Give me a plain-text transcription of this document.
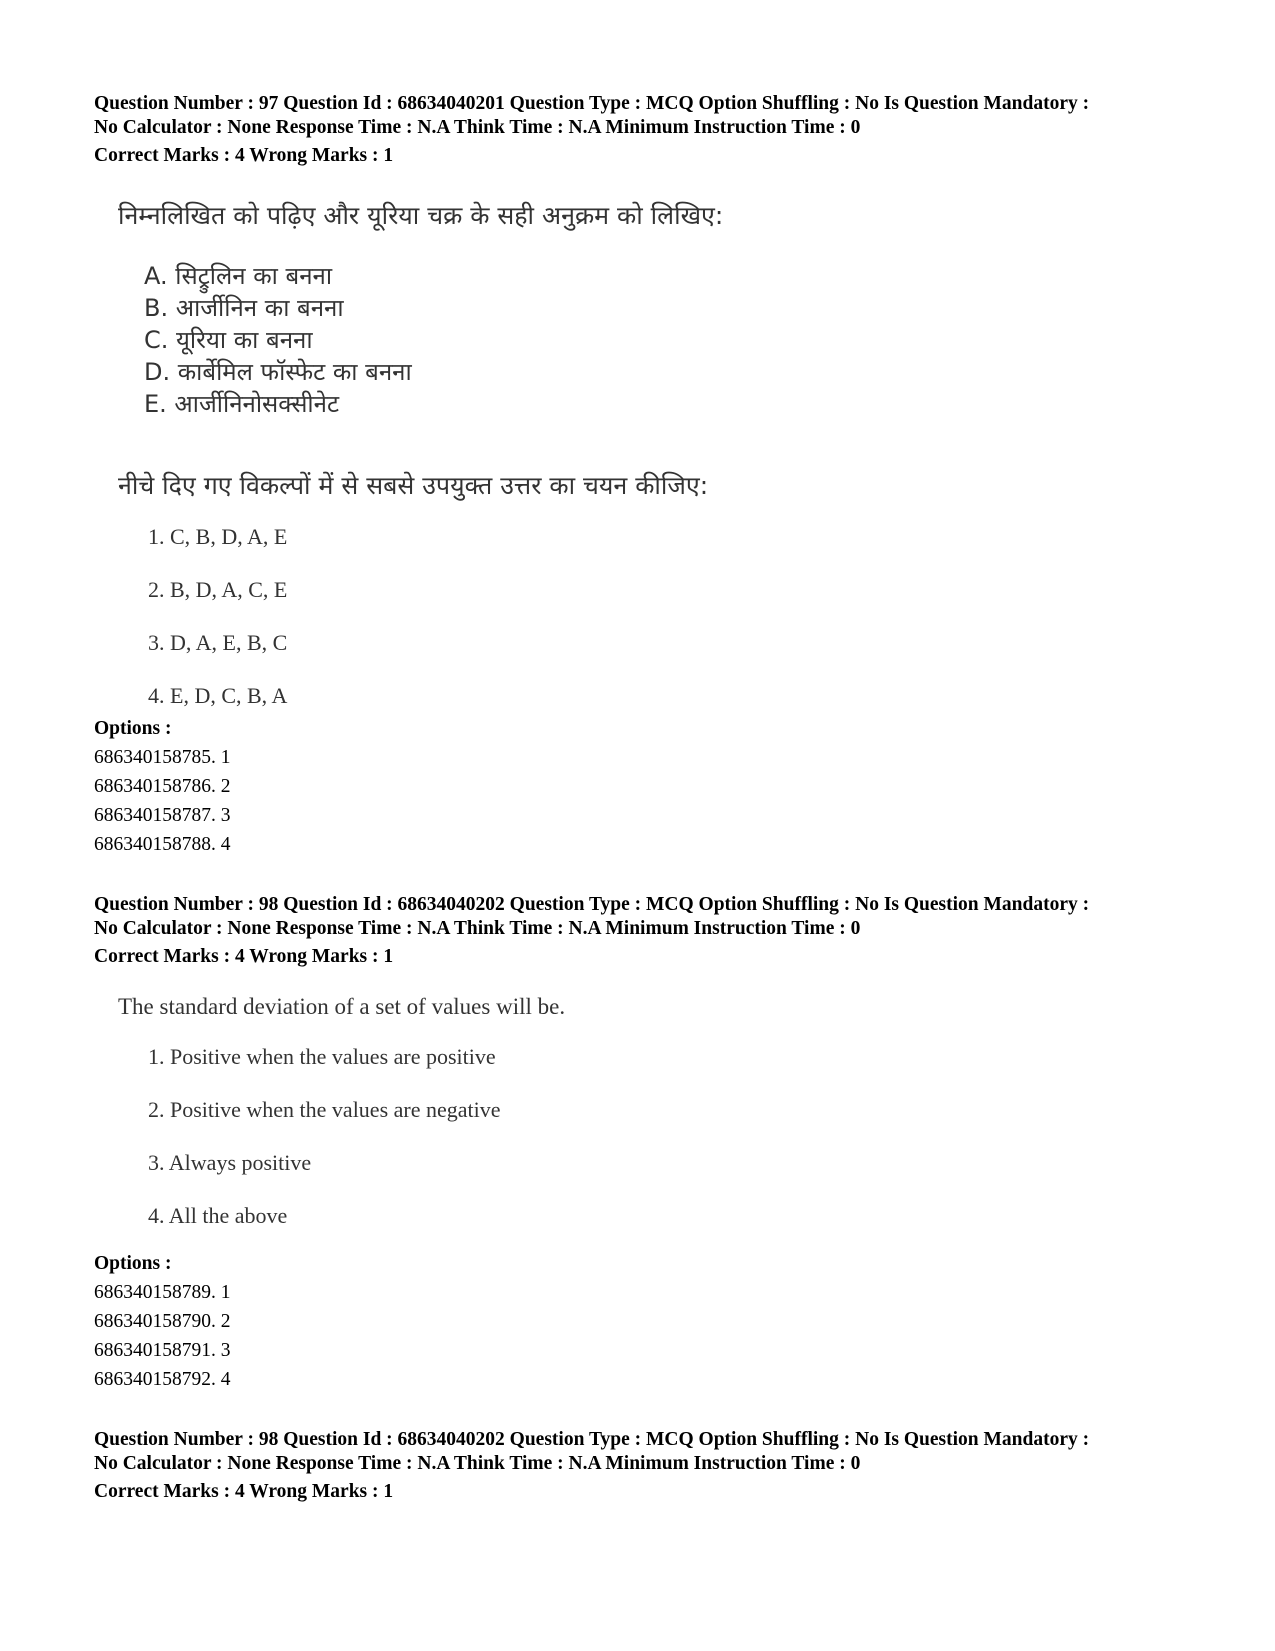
Question Number : 97 Question Id : 68634040201 Question Type : MCQ Option Shuffling : No Is Question Mandatory :
No Calculator : None Response Time : N.A Think Time : N.A Minimum Instruction Time : 0
Correct Marks : 4 Wrong Marks : 1
निम्नलिखित को पढ़िए और यूरिया चक्र के सही अनुक्रम को लिखिए:
A. सिट्रुलिन का बनना
B. आर्जीनिन का बनना
C. यूरिया का बनना
D. कार्बेमिल फॉस्फेट का बनना
E. आर्जीनिनोसक्सीनेट
नीचे दिए गए विकल्पों में से सबसे उपयुक्त उत्तर का चयन कीजिए:
1. C, B, D, A, E
2. B, D, A, C, E
3. D, A, E, B, C
4. E, D, C, B, A
Options :
686340158785. 1
686340158786. 2
686340158787. 3
686340158788. 4
Question Number : 98 Question Id : 68634040202 Question Type : MCQ Option Shuffling : No Is Question Mandatory :
No Calculator : None Response Time : N.A Think Time : N.A Minimum Instruction Time : 0
Correct Marks : 4 Wrong Marks : 1
The standard deviation of a set of values will be.
1. Positive when the values are positive
2. Positive when the values are negative
3. Always positive
4. All the above
Options :
686340158789. 1
686340158790. 2
686340158791. 3
686340158792. 4
Question Number : 98 Question Id : 68634040202 Question Type : MCQ Option Shuffling : No Is Question Mandatory :
No Calculator : None Response Time : N.A Think Time : N.A Minimum Instruction Time : 0
Correct Marks : 4 Wrong Marks : 1
